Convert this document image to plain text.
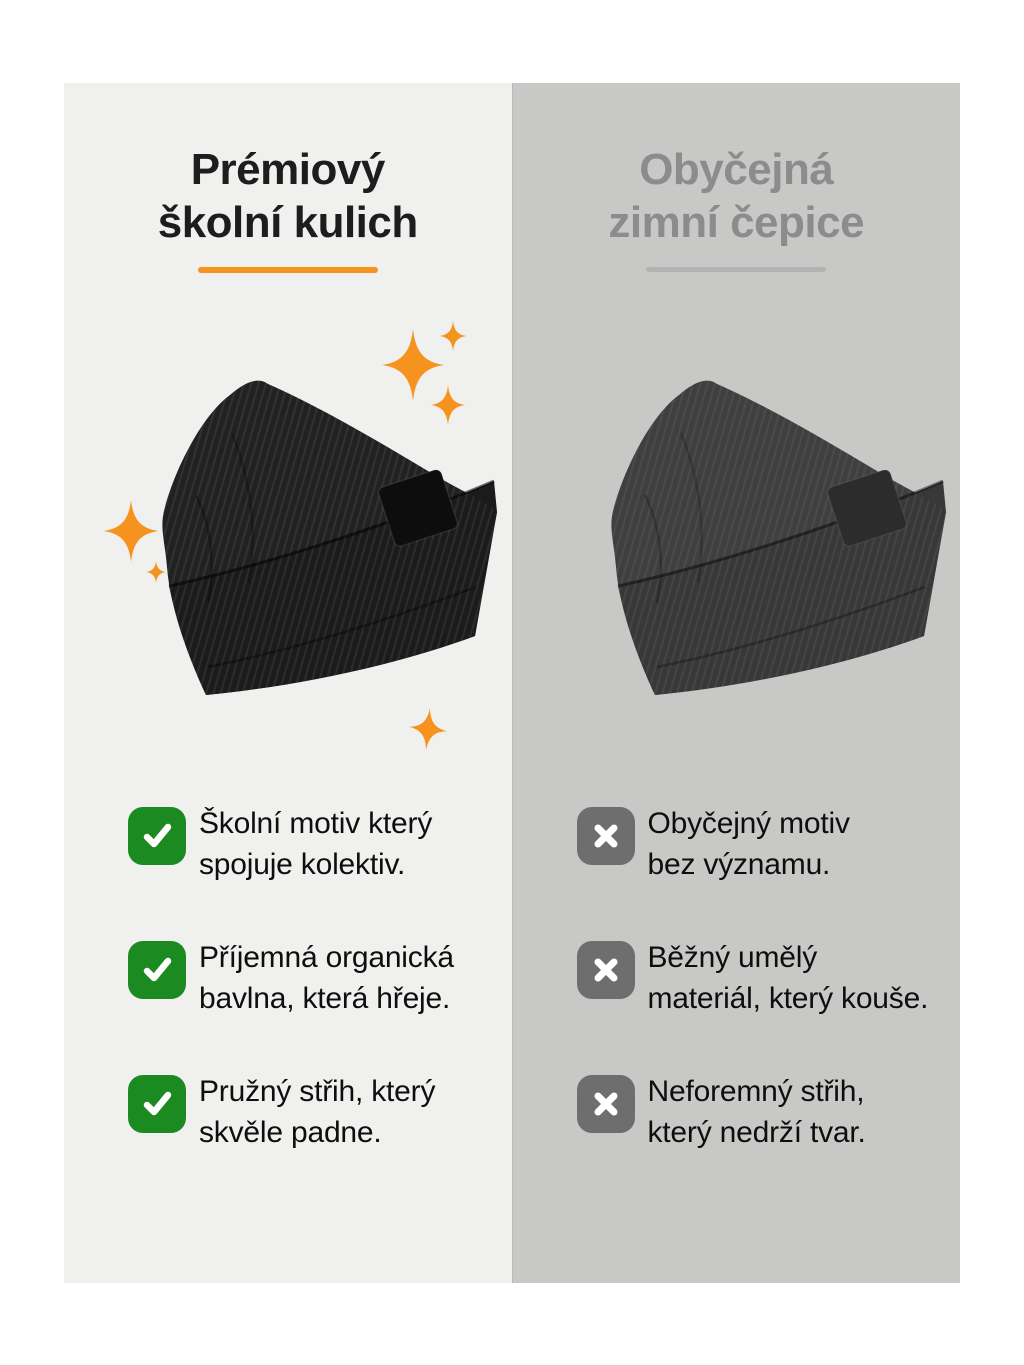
Prémiový
školní kulich
Školní motiv který
spojuje kolektiv.
Příjemná organická
bavlna, která hřeje.
Pružný střih, který
skvěle padne.
Obyčejná
zimní čepice
Obyčejný motiv
bez významu.
Běžný umělý
materiál, který kouše.
Neforemný střih,
který nedrží tvar.
